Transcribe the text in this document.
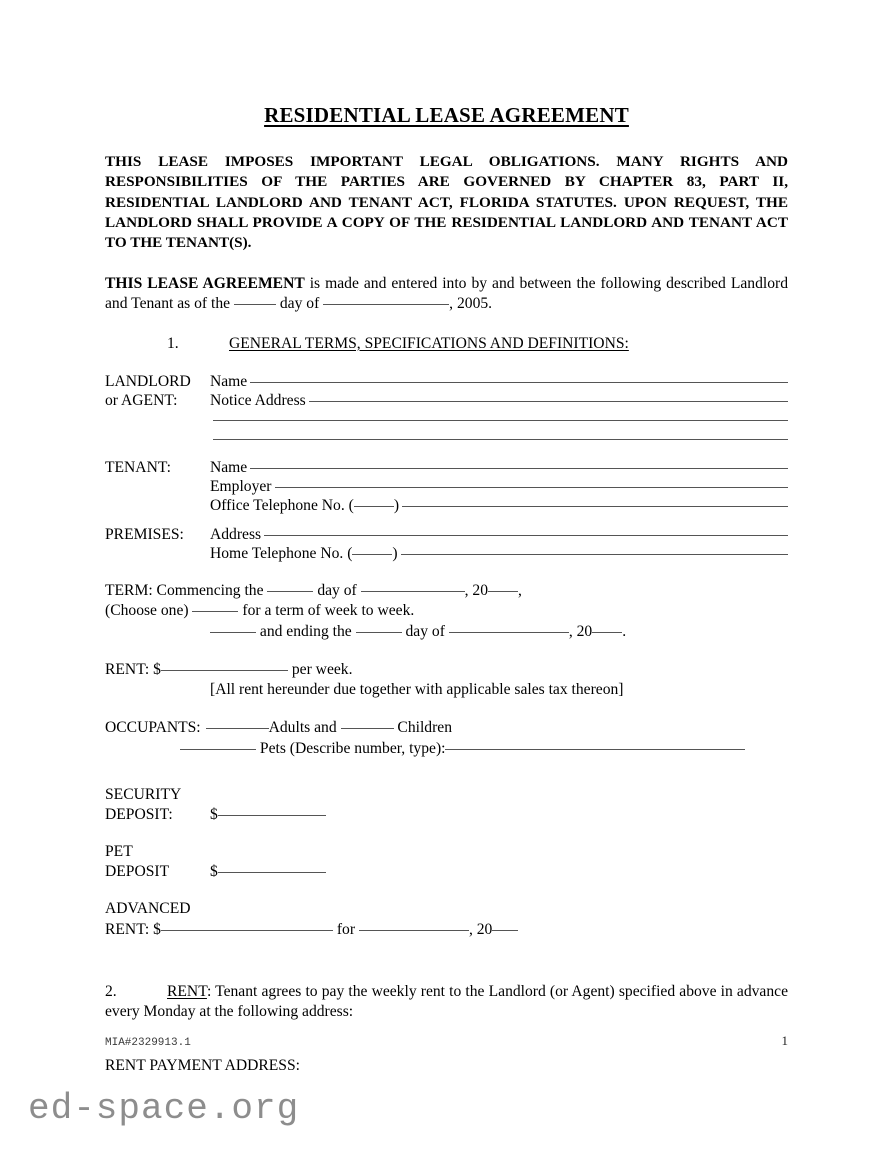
RESIDENTIAL LEASE AGREEMENT

THIS LEASE IMPOSES IMPORTANT LEGAL OBLIGATIONS. MANY RIGHTS AND RESPONSIBILITIES OF THE PARTIES ARE GOVERNED BY CHAPTER 83, PART II, RESIDENTIAL LANDLORD AND TENANT ACT, FLORIDA STATUTES. UPON REQUEST, THE LANDLORD SHALL PROVIDE A COPY OF THE RESIDENTIAL LANDLORD AND TENANT ACT TO THE TENANT(S).

THIS LEASE AGREEMENT is made and entered into by and between the following described Landlord and Tenant as of the	day of	, 2005.

1.	GENERAL TERMS, SPECIFICATIONS AND DEFINITIONS:
LANDLORD	Name
or AGENT:	Notice Address

TENANT:	Name

Employer

Office Telephone No. (	)
PREMISES:	Address

Home Telephone No. (	)
TERM: Commencing the	day of	, 20 ,
(Choose one)	for a term of week to week.
and ending the	day of	, 20 .
RENT: $	per week.
[All rent hereunder due together with applicable sales tax thereon]
OCCUPANTS:	Adults and	Children
Pets (Describe number, type):
SECURITY
DEPOSIT:	$
PET
DEPOSIT	$
ADVANCED
RENT: $	for	, 20

2.	RENT: Tenant agrees to pay the weekly rent to the Landlord (or Agent) specified above in advance every Monday at the following address:

RENT PAYMENT ADDRESS:
MIA#2329913.1	1
ed-space.org
